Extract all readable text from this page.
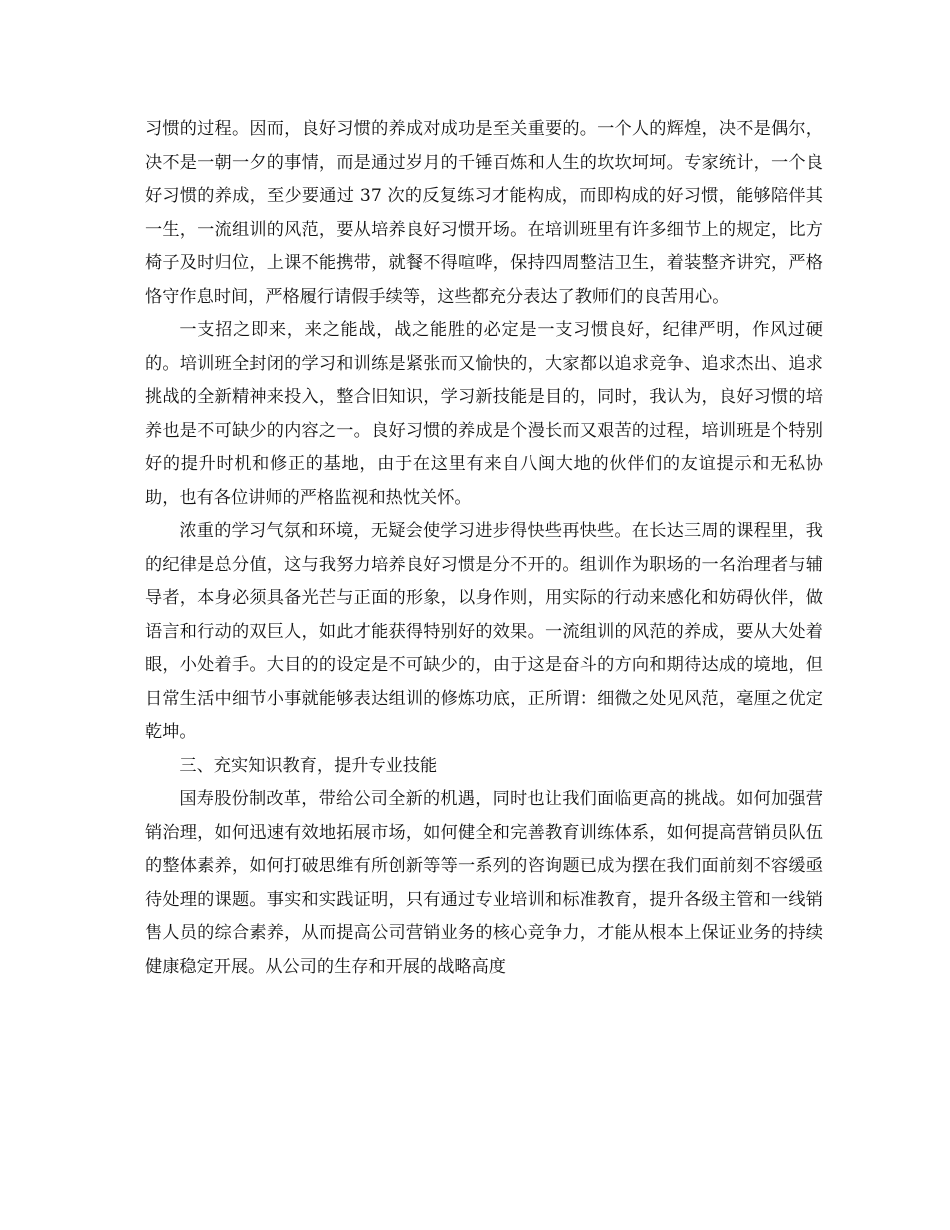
习惯的过程。因而，良好习惯的养成对成功是至关重要的。一个人的辉煌，决不是偶尔，决不是一朝一夕的事情，而是通过岁月的千锤百炼和人生的坎坎坷坷。专家统计，一个良好习惯的养成，至少要通过 37 次的反复练习才能构成，而即构成的好习惯，能够陪伴其一生，一流组训的风范，要从培养良好习惯开场。在培训班里有许多细节上的规定，比方椅子及时归位，上课不能携带，就餐不得喧哗，保持四周整洁卫生，着装整齐讲究，严格恪守作息时间，严格履行请假手续等，这些都充分表达了教师们的良苦用心。

一支招之即来，来之能战，战之能胜的必定是一支习惯良好，纪律严明，作风过硬的。培训班全封闭的学习和训练是紧张而又愉快的，大家都以追求竞争、追求杰出、追求挑战的全新精神来投入，整合旧知识，学习新技能是目的，同时，我认为，良好习惯的培养也是不可缺少的内容之一。良好习惯的养成是个漫长而又艰苦的过程，培训班是个特别好的提升时机和修正的基地，由于在这里有来自八闽大地的伙伴们的友谊提示和无私协助，也有各位讲师的严格监视和热忱关怀。

浓重的学习气氛和环境，无疑会使学习进步得快些再快些。在长达三周的课程里，我的纪律是总分值，这与我努力培养良好习惯是分不开的。组训作为职场的一名治理者与辅导者，本身必须具备光芒与正面的形象，以身作则，用实际的行动来感化和妨碍伙伴，做语言和行动的双巨人，如此才能获得特别好的效果。一流组训的风范的养成，要从大处着眼，小处着手。大目的的设定是不可缺少的，由于这是奋斗的方向和期待达成的境地，但日常生活中细节小事就能够表达组训的修炼功底，正所谓：细微之处见风范，毫厘之优定乾坤。

三、充实知识教育，提升专业技能

国寿股份制改革，带给公司全新的机遇，同时也让我们面临更高的挑战。如何加强营销治理，如何迅速有效地拓展市场，如何健全和完善教育训练体系，如何提高营销员队伍的整体素养，如何打破思维有所创新等等一系列的咨询题已成为摆在我们面前刻不容缓亟待处理的课题。事实和实践证明，只有通过专业培训和标准教育，提升各级主管和一线销售人员的综合素养，从而提高公司营销业务的核心竞争力，才能从根本上保证业务的持续健康稳定开展。从公司的生存和开展的战略高度
